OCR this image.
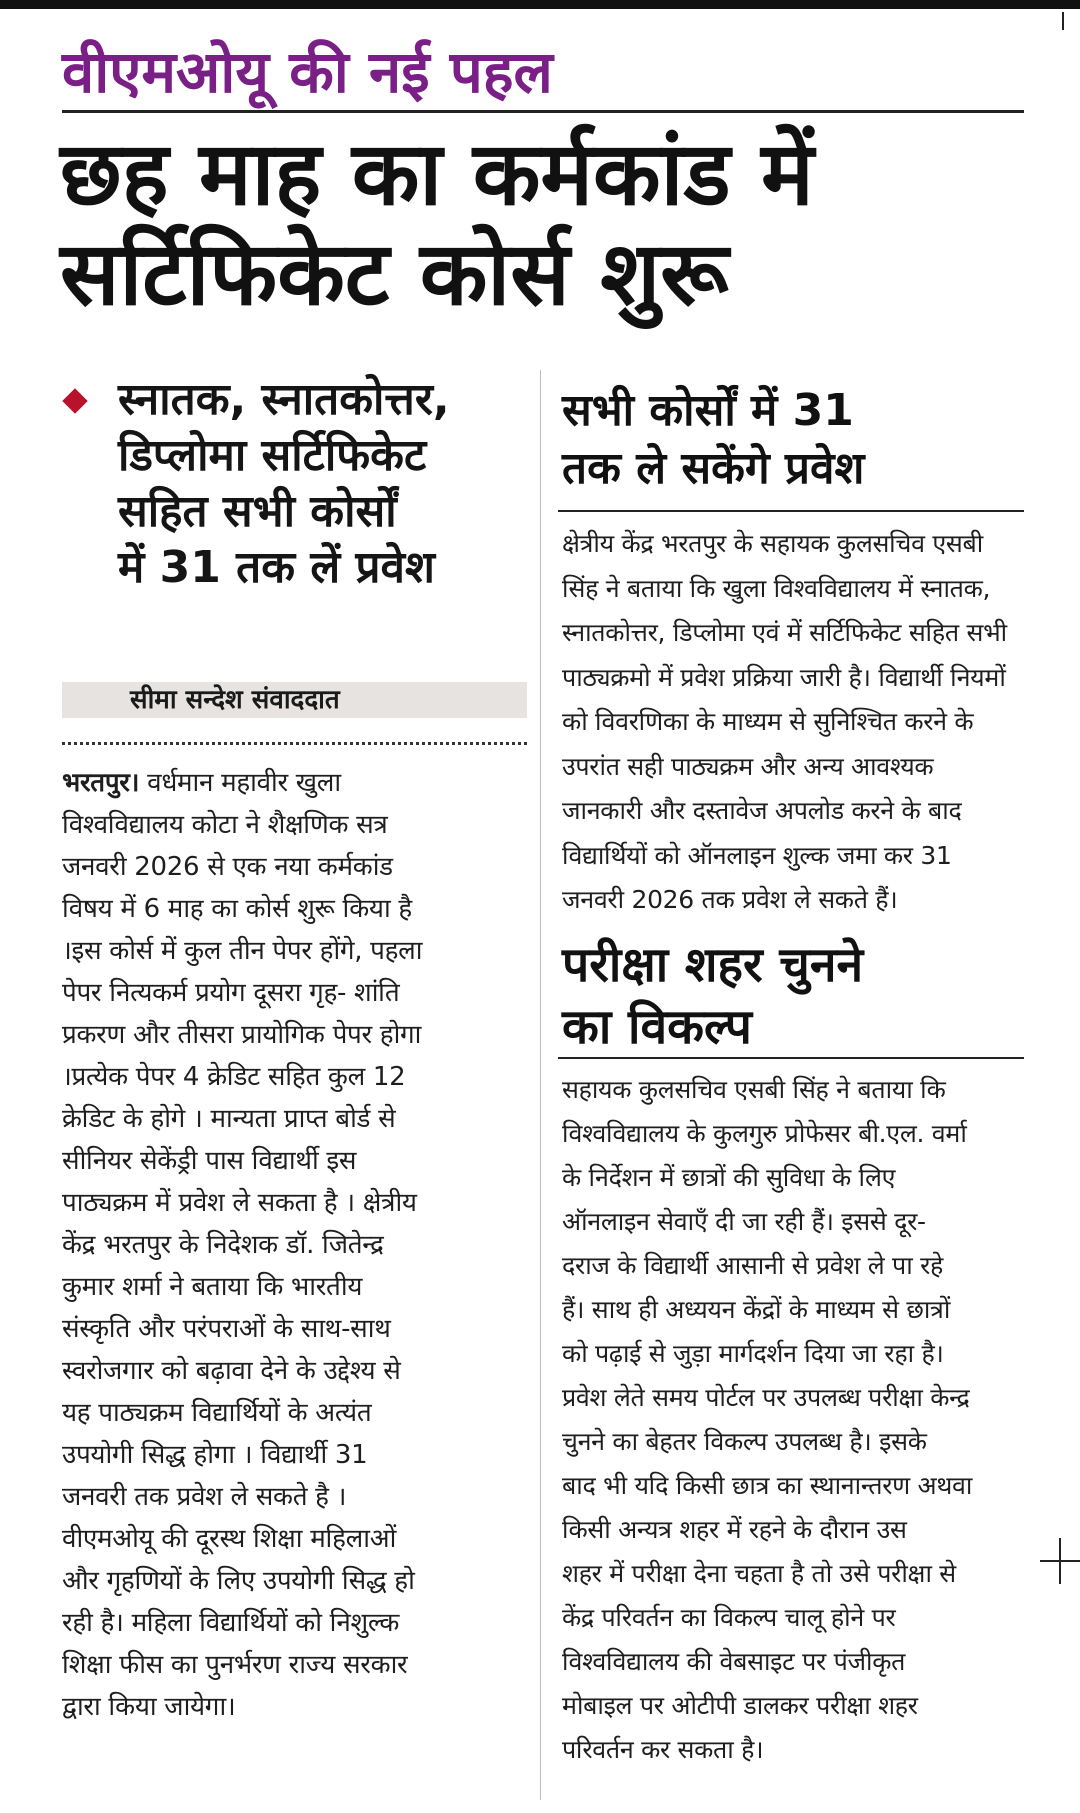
वीएमओयू की नई पहल
छह माह का कर्मकांड में
सर्टिफिकेट कोर्स शुरू
स्नातक, स्नातकोत्तर,
डिप्लोमा सर्टिफिकेट
सहित सभी कोर्सों
में 31 तक लें प्रवेश
सीमा सन्देश संवाददात
भरतपुर। वर्धमान महावीर खुला
विश्वविद्यालय कोटा ने शैक्षणिक सत्र
जनवरी 2026 से एक नया कर्मकांड
विषय में 6 माह का कोर्स शुरू किया है
।इस कोर्स में कुल तीन पेपर होंगे, पहला
पेपर नित्यकर्म प्रयोग दूसरा गृह- शांति
प्रकरण और तीसरा प्रायोगिक पेपर होगा
।प्रत्येक पेपर 4 क्रेडिट सहित कुल 12
क्रेडिट के होगे । मान्यता प्राप्त बोर्ड से
सीनियर सेकेंड्री पास विद्यार्थी इस
पाठ्यक्रम में प्रवेश ले सकता है । क्षेत्रीय
केंद्र भरतपुर के निदेशक डॉ. जितेन्द्र
कुमार शर्मा ने बताया कि भारतीय
संस्कृति और परंपराओं के साथ-साथ
स्वरोजगार को बढ़ावा देने के उद्देश्य से
यह पाठ्यक्रम विद्यार्थियों के अत्यंत
उपयोगी सिद्ध होगा । विद्यार्थी 31
जनवरी तक प्रवेश ले सकते है ।
वीएमओयू की दूरस्थ शिक्षा महिलाओं
और गृहणियों के लिए उपयोगी सिद्ध हो
रही है। महिला विद्यार्थियों को निशुल्क
शिक्षा फीस का पुनर्भरण राज्य सरकार
द्वारा किया जायेगा।
सभी कोर्सों में 31
तक ले सकेंगे प्रवेश
क्षेत्रीय केंद्र भरतपुर के सहायक कुलसचिव एसबी
सिंह ने बताया कि खुला विश्वविद्यालय में स्नातक,
स्नातकोत्तर, डिप्लोमा एवं में सर्टिफिकेट सहित सभी
पाठ्यक्रमो में प्रवेश प्रक्रिया जारी है। विद्यार्थी नियमों
को विवरणिका के माध्यम से सुनिश्चित करने के
उपरांत सही पाठ्यक्रम और अन्य आवश्यक
जानकारी और दस्तावेज अपलोड करने के बाद
विद्यार्थियों को ऑनलाइन शुल्क जमा कर 31
जनवरी 2026 तक प्रवेश ले सकते हैं।
परीक्षा शहर चुनने
का विकल्प
सहायक कुलसचिव एसबी सिंह ने बताया कि
विश्वविद्यालय के कुलगुरु प्रोफेसर बी.एल. वर्मा
के निर्देशन में छात्रों की सुविधा के लिए
ऑनलाइन सेवाएँ दी जा रही हैं। इससे दूर-
दराज के विद्यार्थी आसानी से प्रवेश ले पा रहे
हैं। साथ ही अध्ययन केंद्रों के माध्यम से छात्रों
को पढ़ाई से जुड़ा मार्गदर्शन दिया जा रहा है।
प्रवेश लेते समय पोर्टल पर उपलब्ध परीक्षा केन्द्र
चुनने का बेहतर विकल्प उपलब्ध है। इसके
बाद भी यदि किसी छात्र का स्थानान्तरण अथवा
किसी अन्यत्र शहर में रहने के दौरान उस
शहर में परीक्षा देना चहता है तो उसे परीक्षा से
केंद्र परिवर्तन का विकल्प चालू होने पर
विश्वविद्यालय की वेबसाइट पर पंजीकृत
मोबाइल पर ओटीपी डालकर परीक्षा शहर
परिवर्तन कर सकता है।
